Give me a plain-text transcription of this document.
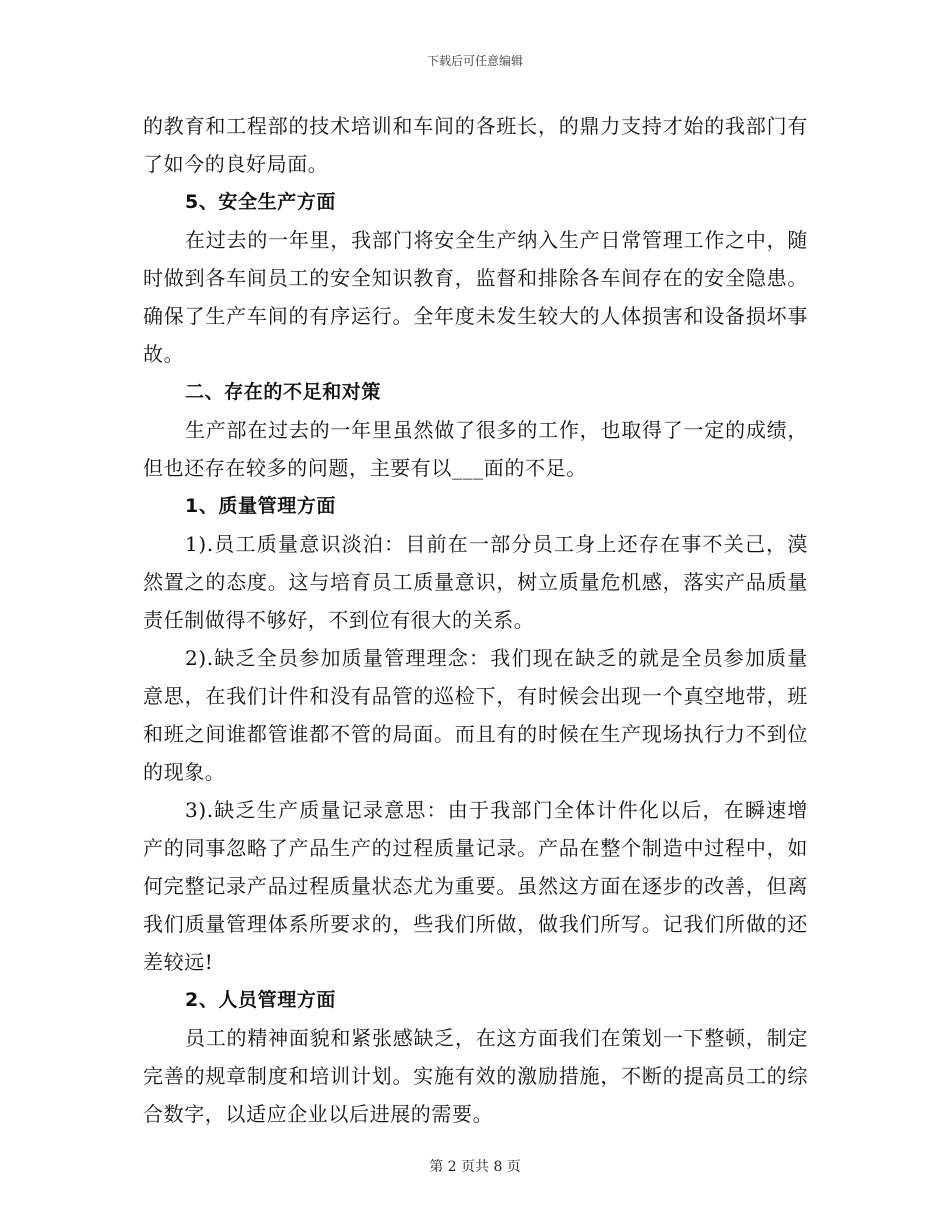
下载后可任意编辑

的教育和工程部的技术培训和车间的各班长，的鼎力支持才始的我部门有了如今的良好局面。

5、安全生产方面

在过去的一年里，我部门将安全生产纳入生产日常管理工作之中，随时做到各车间员工的安全知识教育，监督和排除各车间存在的安全隐患。确保了生产车间的有序运行。全年度未发生较大的人体损害和设备损坏事故。

二、存在的不足和对策

生产部在过去的一年里虽然做了很多的工作，也取得了一定的成绩，但也还存在较多的问题，主要有以___面的不足。

1、质量管理方面

1).员工质量意识淡泊：目前在一部分员工身上还存在事不关己，漠然置之的态度。这与培育员工质量意识，树立质量危机感，落实产品质量责任制做得不够好，不到位有很大的关系。

2).缺乏全员参加质量管理理念：我们现在缺乏的就是全员参加质量意思，在我们计件和没有品管的巡检下，有时候会出现一个真空地带，班和班之间谁都管谁都不管的局面。而且有的时候在生产现场执行力不到位的现象。

3).缺乏生产质量记录意思：由于我部门全体计件化以后，在瞬速增产的同事忽略了产品生产的过程质量记录。产品在整个制造中过程中，如何完整记录产品过程质量状态尤为重要。虽然这方面在逐步的改善，但离我们质量管理体系所要求的，些我们所做，做我们所写。记我们所做的还差较远!

2、人员管理方面

员工的精神面貌和紧张感缺乏，在这方面我们在策划一下整顿，制定完善的规章制度和培训计划。实施有效的激励措施，不断的提高员工的综合数字，以适应企业以后进展的需要。

第 2 页共 8 页
